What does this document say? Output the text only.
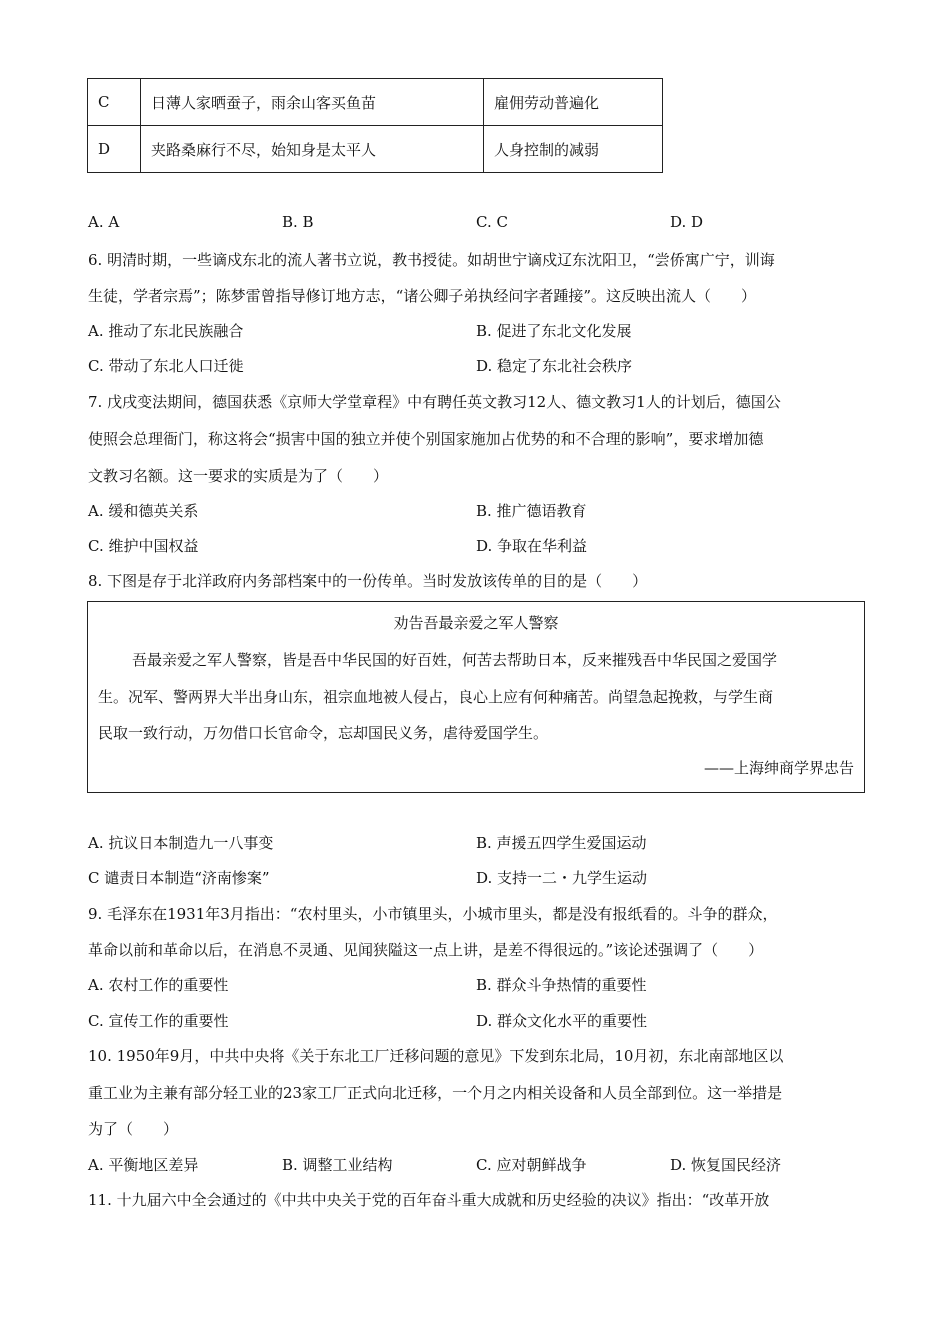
C	日薄人家晒蚕子，雨余山客买鱼苗	雇佣劳动普遍化
D	夹路桑麻行不尽，始知身是太平人	人身控制的减弱
A. A	B. B	C. C	D. D
6. 明清时期，一些谪戍东北的流人著书立说，教书授徒。如胡世宁谪戍辽东沈阳卫，“尝侨寓广宁，训诲
生徒，学者宗焉”；陈梦雷曾指导修订地方志，“诸公卿子弟执经问字者踵接”。这反映出流人（　　）
A. 推动了东北民族融合	B. 促进了东北文化发展
C. 带动了东北人口迁徙	D. 稳定了东北社会秩序
7. 戊戌变法期间，德国获悉《京师大学堂章程》中有聘任英文教习12人、德文教习1人的计划后，德国公
使照会总理衙门，称这将会“损害中国的独立并使个别国家施加占优势的和不合理的影响”，要求增加德
文教习名额。这一要求的实质是为了（　　）
A. 缓和德英关系	B. 推广德语教育
C. 维护中国权益	D. 争取在华利益
8. 下图是存于北洋政府内务部档案中的一份传单。当时发放该传单的目的是（　　）
劝告吾最亲爱之军人警察
吾最亲爱之军人警察，皆是吾中华民国的好百姓，何苦去帮助日本，反来摧残吾中华民国之爱国学
生。况军、警两界大半出身山东，祖宗血地被人侵占，良心上应有何种痛苦。尚望急起挽救，与学生商
民取一致行动，万勿借口长官命令，忘却国民义务，虐待爱国学生。
——上海绅商学界忠告
A. 抗议日本制造九一八事变	B. 声援五四学生爱国运动
C 谴责日本制造“济南惨案”	D. 支持一二・九学生运动
9. 毛泽东在1931年3月指出：“农村里头，小市镇里头，小城市里头，都是没有报纸看的。斗争的群众，
革命以前和革命以后，在消息不灵通、见闻狭隘这一点上讲，是差不得很远的。”该论述强调了（　　）
A. 农村工作的重要性	B. 群众斗争热情的重要性
C. 宣传工作的重要性	D. 群众文化水平的重要性
10. 1950年9月，中共中央将《关于东北工厂迁移问题的意见》下发到东北局，10月初，东北南部地区以
重工业为主兼有部分轻工业的23家工厂正式向北迁移，一个月之内相关设备和人员全部到位。这一举措是
为了（　　）
A. 平衡地区差异	B. 调整工业结构	C. 应对朝鲜战争	D. 恢复国民经济
11. 十九届六中全会通过的《中共中央关于党的百年奋斗重大成就和历史经验的决议》指出：“改革开放
